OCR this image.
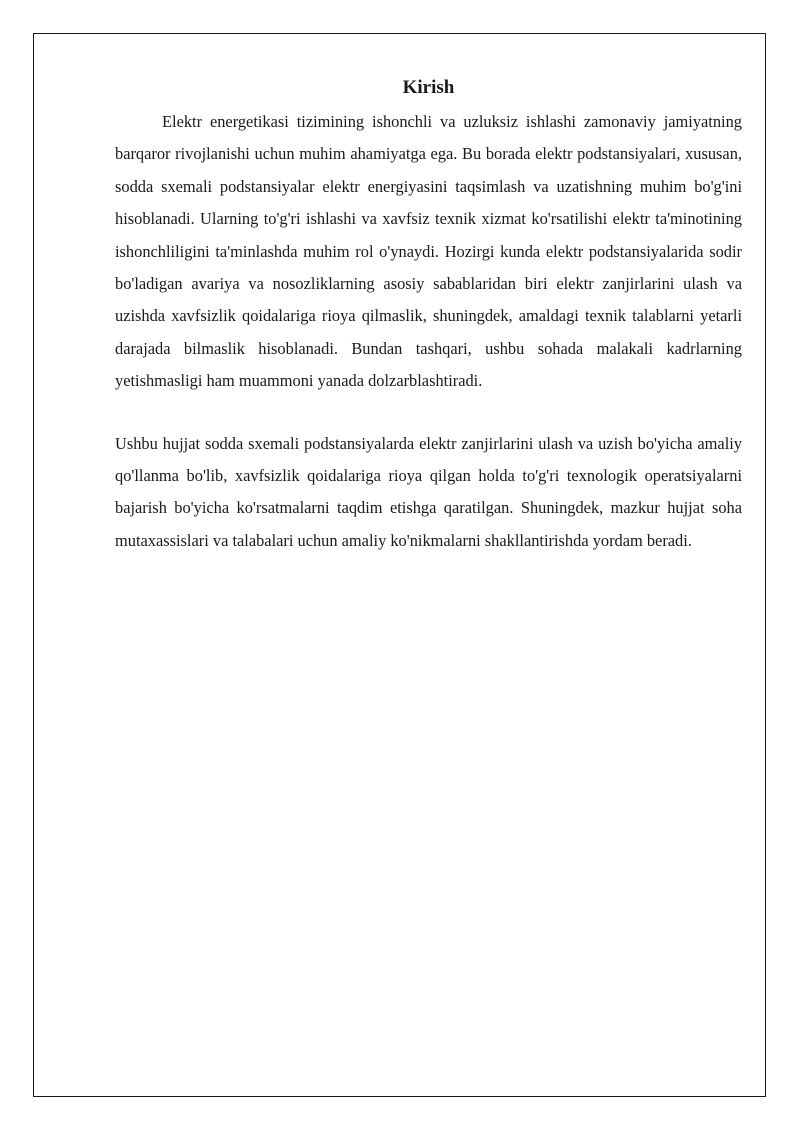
Kirish

Elektr energetikasi tizimining ishonchli va uzluksiz ishlashi zamonaviy jamiyatning barqaror rivojlanishi uchun muhim ahamiyatga ega. Bu borada elektr podstansiyalari, xususan, sodda sxemali podstansiyalar elektr energiyasini taqsimlash va uzatishning muhim bo'g'ini hisoblanadi. Ularning to'g'ri ishlashi va xavfsiz texnik xizmat ko'rsatilishi elektr ta'minotining ishonchliligini ta'minlashda muhim rol o'ynaydi. Hozirgi kunda elektr podstansiyalarida sodir bo'ladigan avariya va nosozliklarning asosiy sabablaridan biri elektr zanjirlarini ulash va uzishda xavfsizlik qoidalariga rioya qilmaslik, shuningdek, amaldagi texnik talablarni yetarli darajada bilmaslik hisoblanadi. Bundan tashqari, ushbu sohada malakali kadrlarning yetishmasligi ham muammoni yanada dolzarblashtiradi.

Ushbu hujjat sodda sxemali podstansiyalarda elektr zanjirlarini ulash va uzish bo'yicha amaliy qo'llanma bo'lib, xavfsizlik qoidalariga rioya qilgan holda to'g'ri texnologik operatsiyalarni bajarish bo'yicha ko'rsatmalarni taqdim etishga qaratilgan. Shuningdek, mazkur hujjat soha mutaxassislari va talabalari uchun amaliy ko'nikmalarni shakllantirishda yordam beradi.
